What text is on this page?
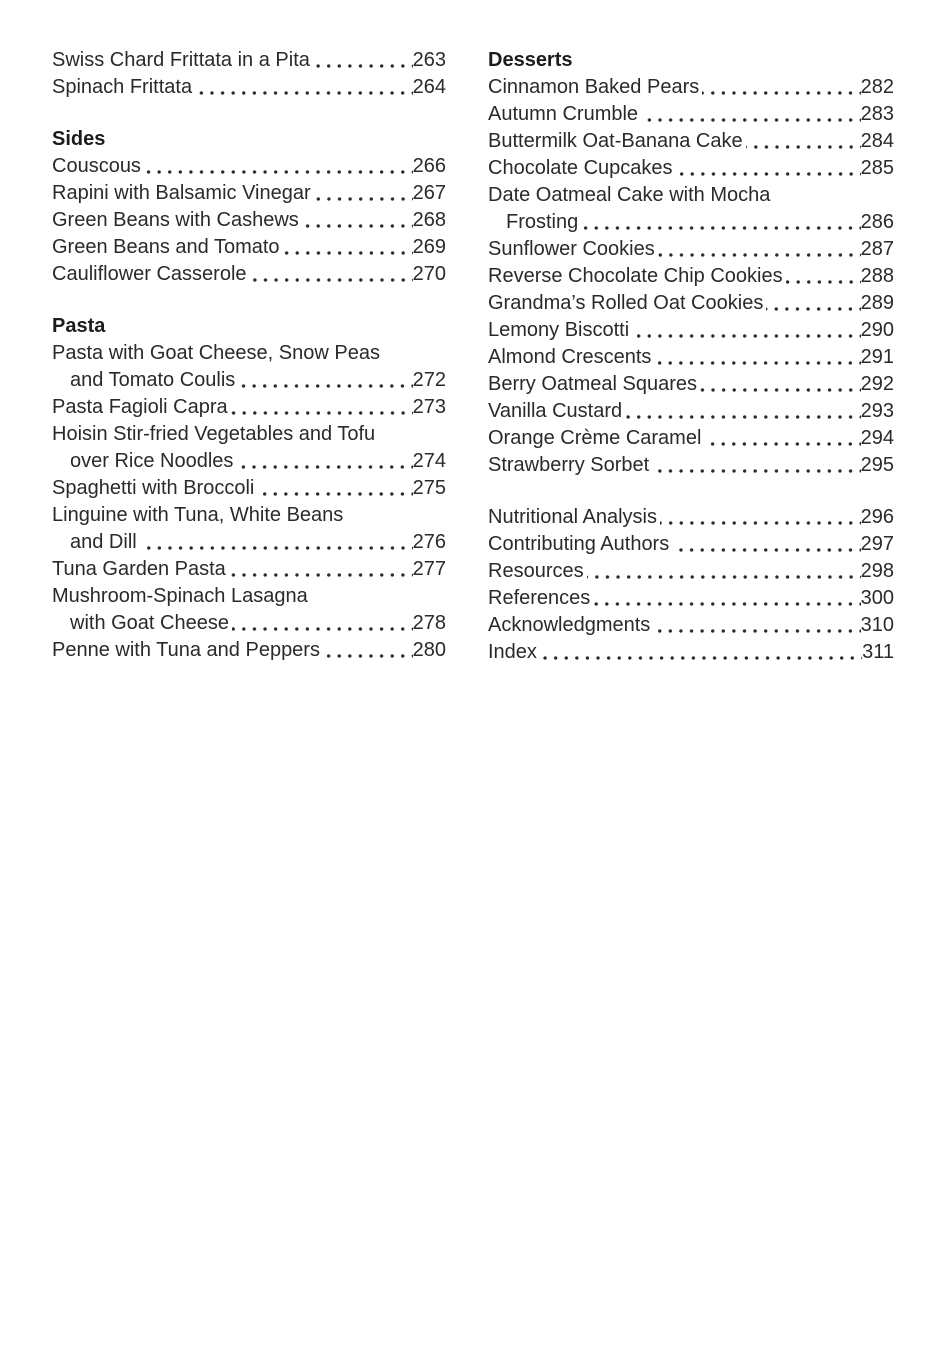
Swiss Chard Frittata in a Pita	263
Spinach Frittata	264
Sides
Couscous	266
Rapini with Balsamic Vinegar	267
Green Beans with Cashews	268
Green Beans and Tomato	269
Cauliflower Casserole	270
Pasta
Pasta with Goat Cheese, Snow Peas
and Tomato Coulis	272
Pasta Fagioli Capra	273
Hoisin Stir-fried Vegetables and Tofu
over Rice Noodles	274
Spaghetti with Broccoli	275
Linguine with Tuna, White Beans
and Dill	276
Tuna Garden Pasta	277
Mushroom-Spinach Lasagna
with Goat Cheese	278
Penne with Tuna and Peppers	280
Desserts
Cinnamon Baked Pears	282
Autumn Crumble	283
Buttermilk Oat-Banana Cake	284
Chocolate Cupcakes	285
Date Oatmeal Cake with Mocha
Frosting	286
Sunflower Cookies	287
Reverse Chocolate Chip Cookies	288
Grandma’s Rolled Oat Cookies	289
Lemony Biscotti	290
Almond Crescents	291
Berry Oatmeal Squares	292
Vanilla Custard	293
Orange Crème Caramel	294
Strawberry Sorbet	295
Nutritional Analysis	296
Contributing Authors	297
Resources	298
References	300
Acknowledgments	310
Index	311
